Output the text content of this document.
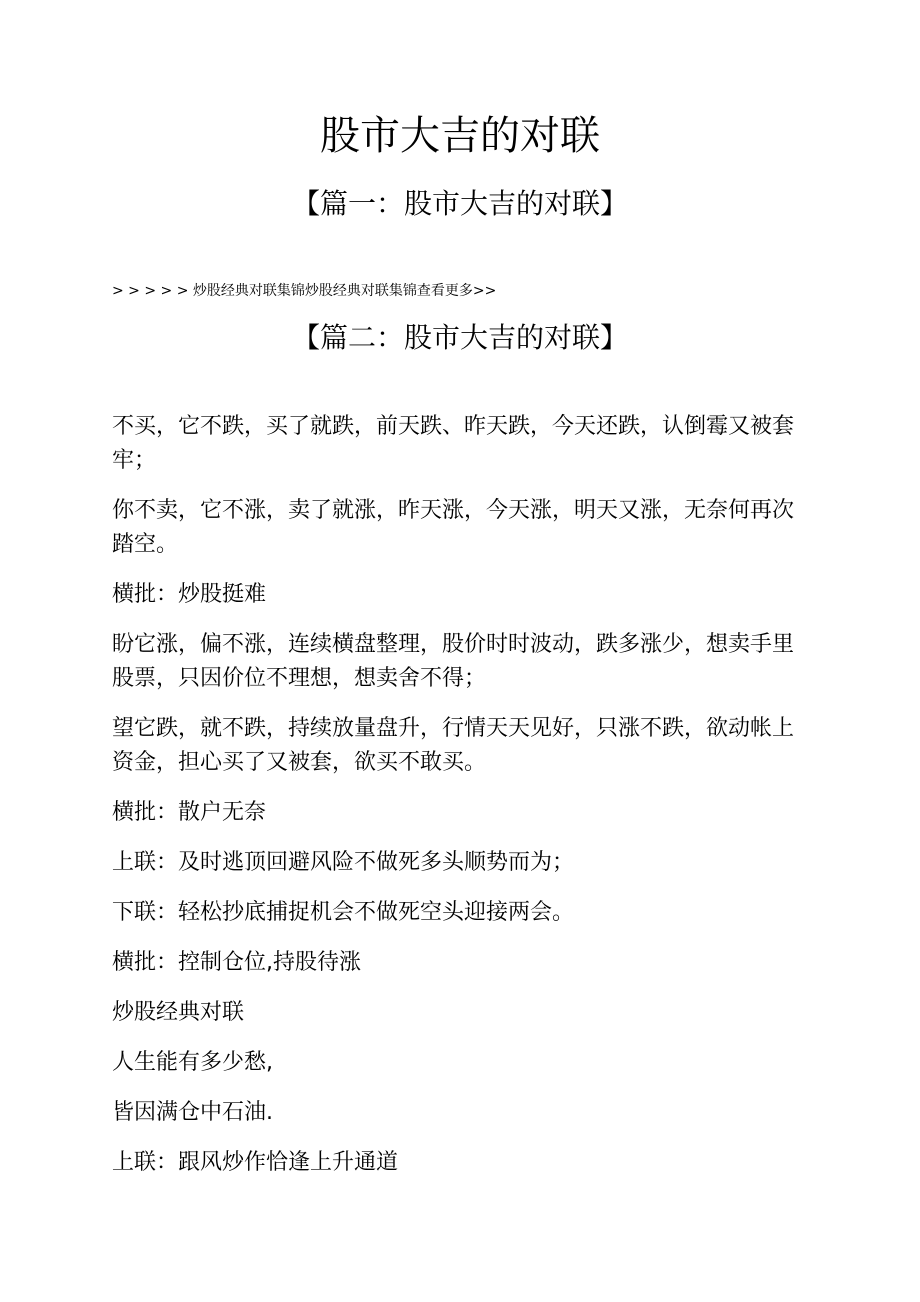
股市大吉的对联
【篇一：股市大吉的对联】
> > > > > 炒股经典对联集锦炒股经典对联集锦查看更多>>
【篇二：股市大吉的对联】

不买，它不跌，买了就跌，前天跌、昨天跌，今天还跌，认倒霉又被套牢；

你不卖，它不涨，卖了就涨，昨天涨，今天涨，明天又涨，无奈何再次踏空。

横批：炒股挺难

盼它涨，偏不涨，连续横盘整理，股价时时波动，跌多涨少，想卖手里股票，只因价位不理想，想卖舍不得；

望它跌，就不跌，持续放量盘升，行情天天见好，只涨不跌，欲动帐上资金，担心买了又被套，欲买不敢买。

横批：散户无奈

上联：及时逃顶回避风险不做死多头顺势而为；

下联：轻松抄底捕捉机会不做死空头迎接两会。

横批：控制仓位,持股待涨

炒股经典对联

人生能有多少愁,

皆因满仓中石油.

上联：跟风炒作恰逢上升通道
